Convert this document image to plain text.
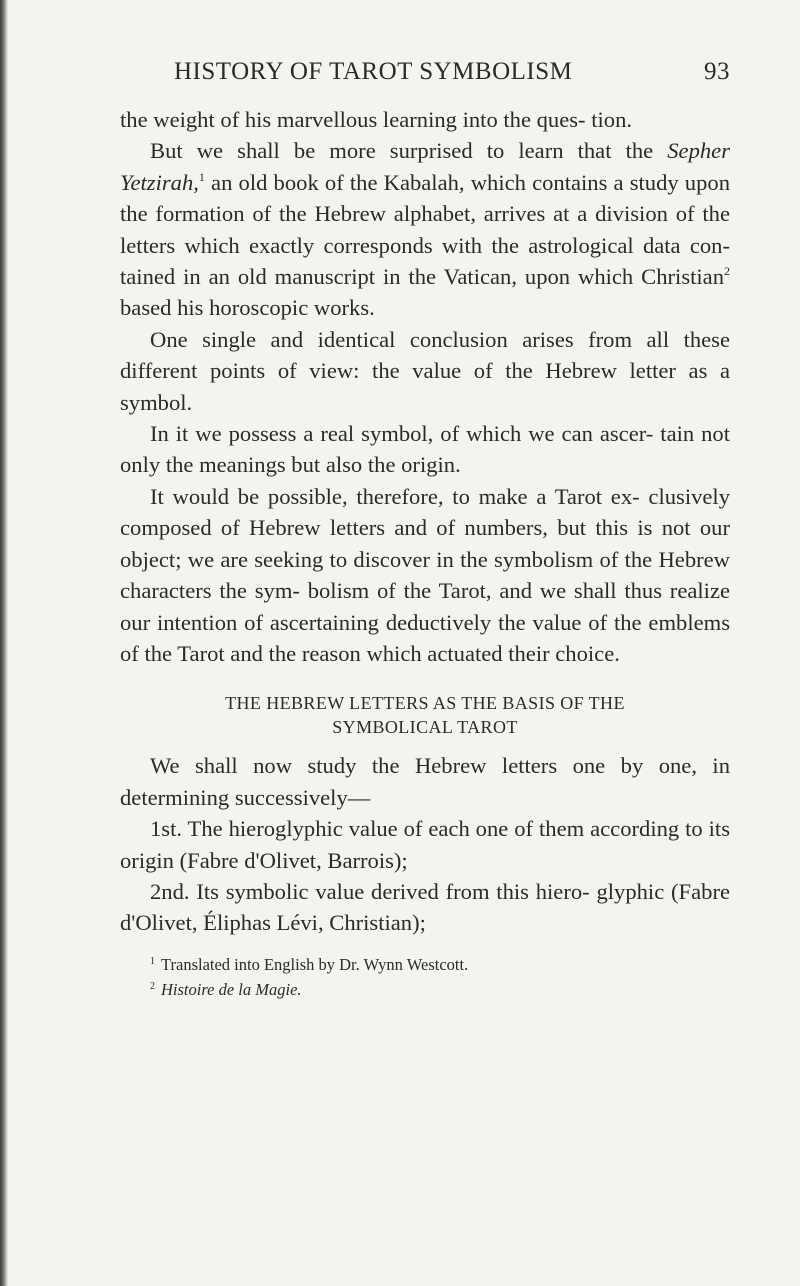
HISTORY OF TAROT SYMBOLISM	93

the weight of his marvellous learning into the ques- tion.

But we shall be more surprised to learn that the Sepher Yetzirah,$^1$ an old book of the Kabalah, which contains a study upon the formation of the Hebrew alphabet, arrives at a division of the letters which exactly corresponds with the astrological data con- tained in an old manuscript in the Vatican, upon which Christian$^2$ based his horoscopic works.

One single and identical conclusion arises from all these different points of view: the value of the Hebrew letter as a symbol.

In it we possess a real symbol, of which we can ascer- tain not only the meanings but also the origin.

It would be possible, therefore, to make a Tarot ex- clusively composed of Hebrew letters and of numbers, but this is not our object; we are seeking to discover in the symbolism of the Hebrew characters the sym- bolism of the Tarot, and we shall thus realize our intention of ascertaining deductively the value of the emblems of the Tarot and the reason which actuated their choice.

THE HEBREW LETTERS AS THE BASIS OF THE
SYMBOLICAL TAROT

We shall now study the Hebrew letters one by one, in determining successively—

1st. The hieroglyphic value of each one of them according to its origin (Fabre d'Olivet, Barrois);

2nd. Its symbolic value derived from this hiero- glyphic (Fabre d'Olivet, Éliphas Lévi, Christian);

$^1$ Translated into English by Dr. Wynn Westcott.
$^2$ Histoire de la Magie.
